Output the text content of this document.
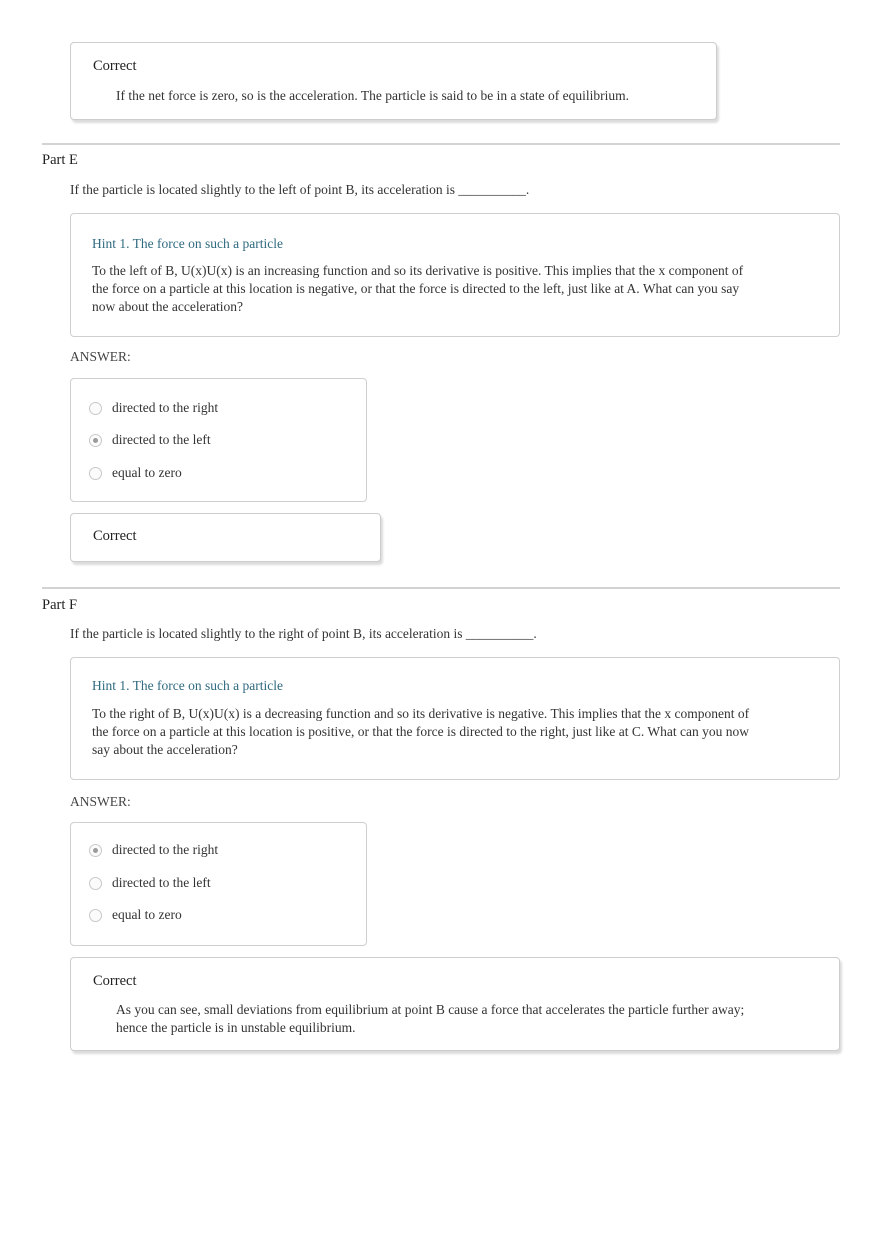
Correct
If the net force is zero, so is the acceleration. The particle is said to be in a state of equilibrium.
Part E
If the particle is located slightly to the left of point B, its acceleration is __________.
Hint 1. The force on such a particle
To the left of B, U(x)U(x) is an increasing function and so its derivative is positive. This implies that the x component of the force on a particle at this location is negative, or that the force is directed to the left, just like at A. What can you say now about the acceleration?
ANSWER:
directed to the right
directed to the left
equal to zero
Correct
Part F
If the particle is located slightly to the right of point B, its acceleration is __________.
Hint 1. The force on such a particle
To the right of B, U(x)U(x) is a decreasing function and so its derivative is negative. This implies that the x component of the force on a particle at this location is positive, or that the force is directed to the right, just like at C. What can you now say about the acceleration?
ANSWER:
directed to the right
directed to the left
equal to zero
Correct
As you can see, small deviations from equilibrium at point B cause a force that accelerates the particle further away; hence the particle is in unstable equilibrium.
